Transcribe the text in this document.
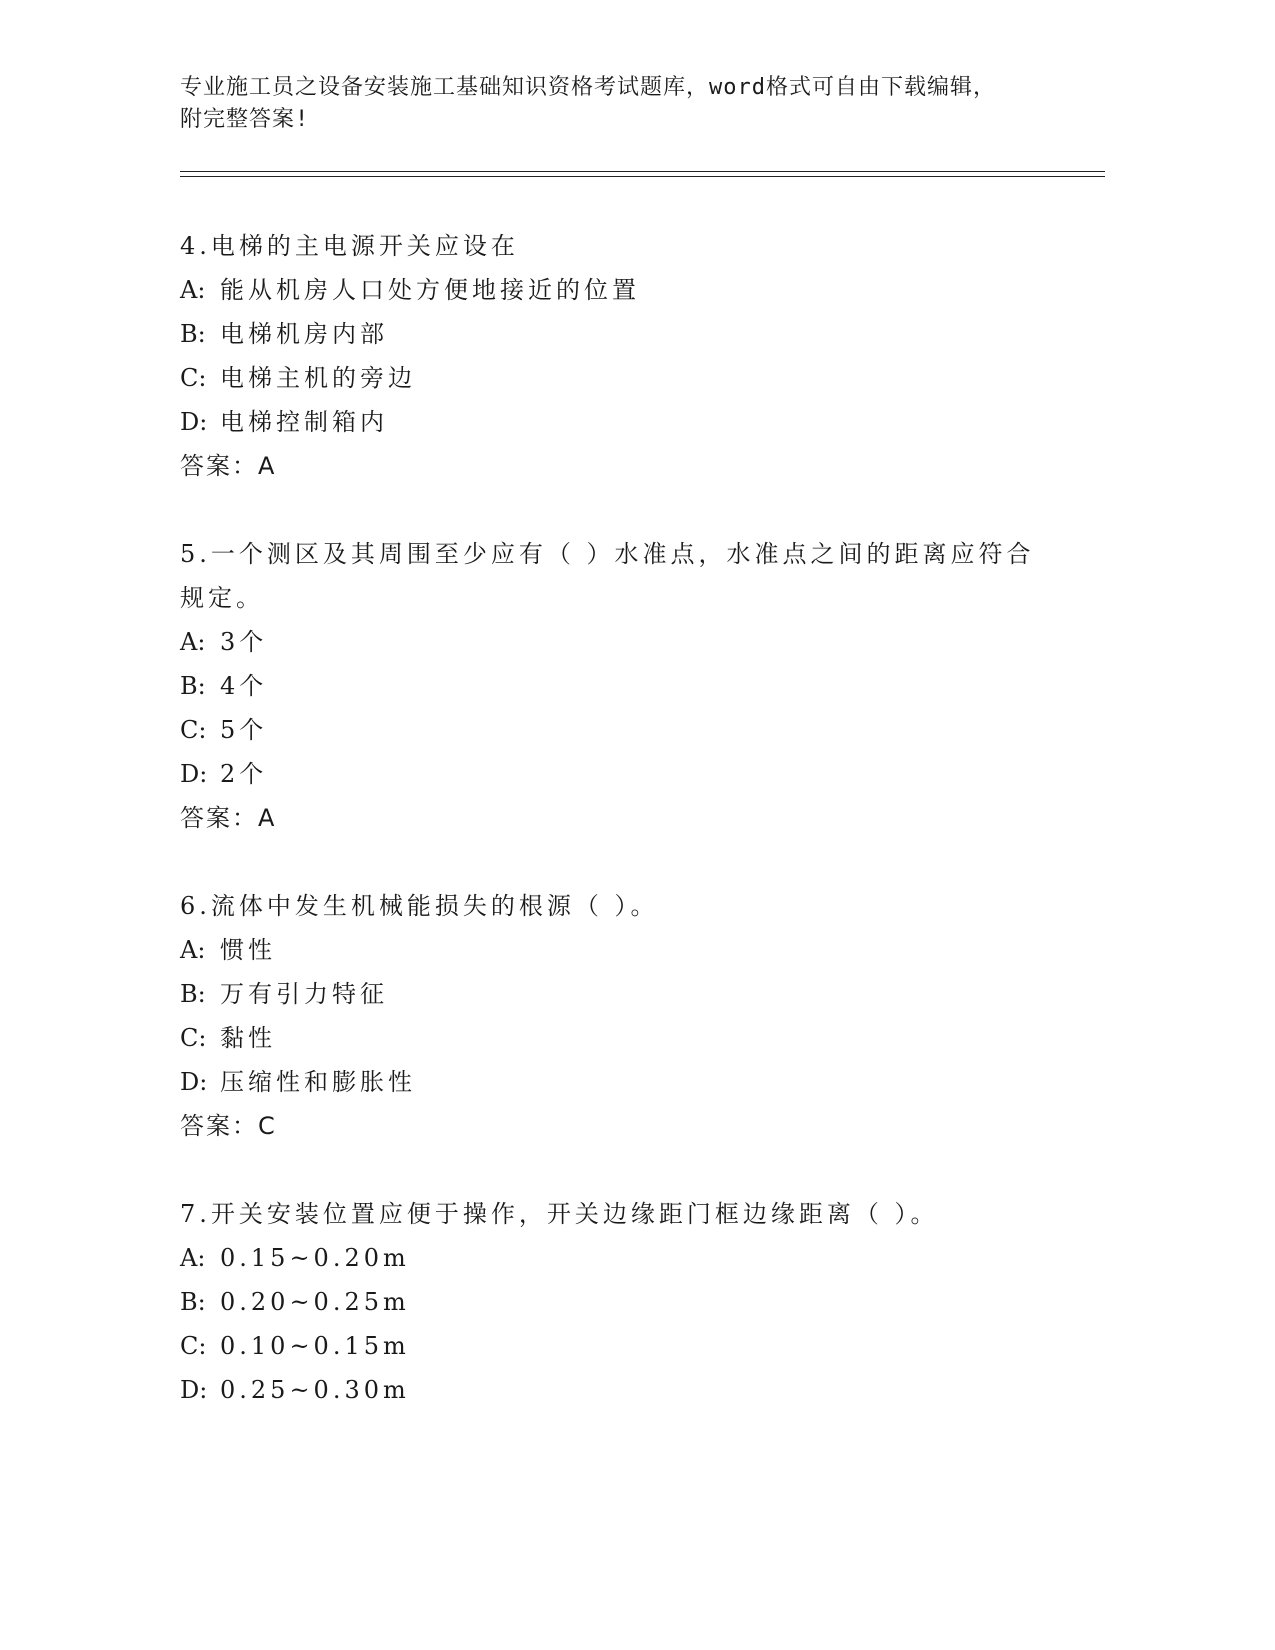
专业施工员之设备安装施工基础知识资格考试题库，word格式可自由下载编辑，
附完整答案!

4.电梯的主电源开关应设在

A: 能从机房人口处方便地接近的位置

B: 电梯机房内部

C: 电梯主机的旁边

D: 电梯控制箱内

答案：A

5.一个测区及其周围至少应有（ ）水准点，水准点之间的距离应符合规定。

A: 3个

B: 4个

C: 5个

D: 2个

答案：A

6.流体中发生机械能损失的根源（ ）。

A: 惯性

B: 万有引力特征

C: 黏性

D: 压缩性和膨胀性

答案：C

7.开关安装位置应便于操作，开关边缘距门框边缘距离（ ）。

A: 0.15~0.20m

B: 0.20~0.25m

C: 0.10~0.15m

D: 0.25~0.30m
